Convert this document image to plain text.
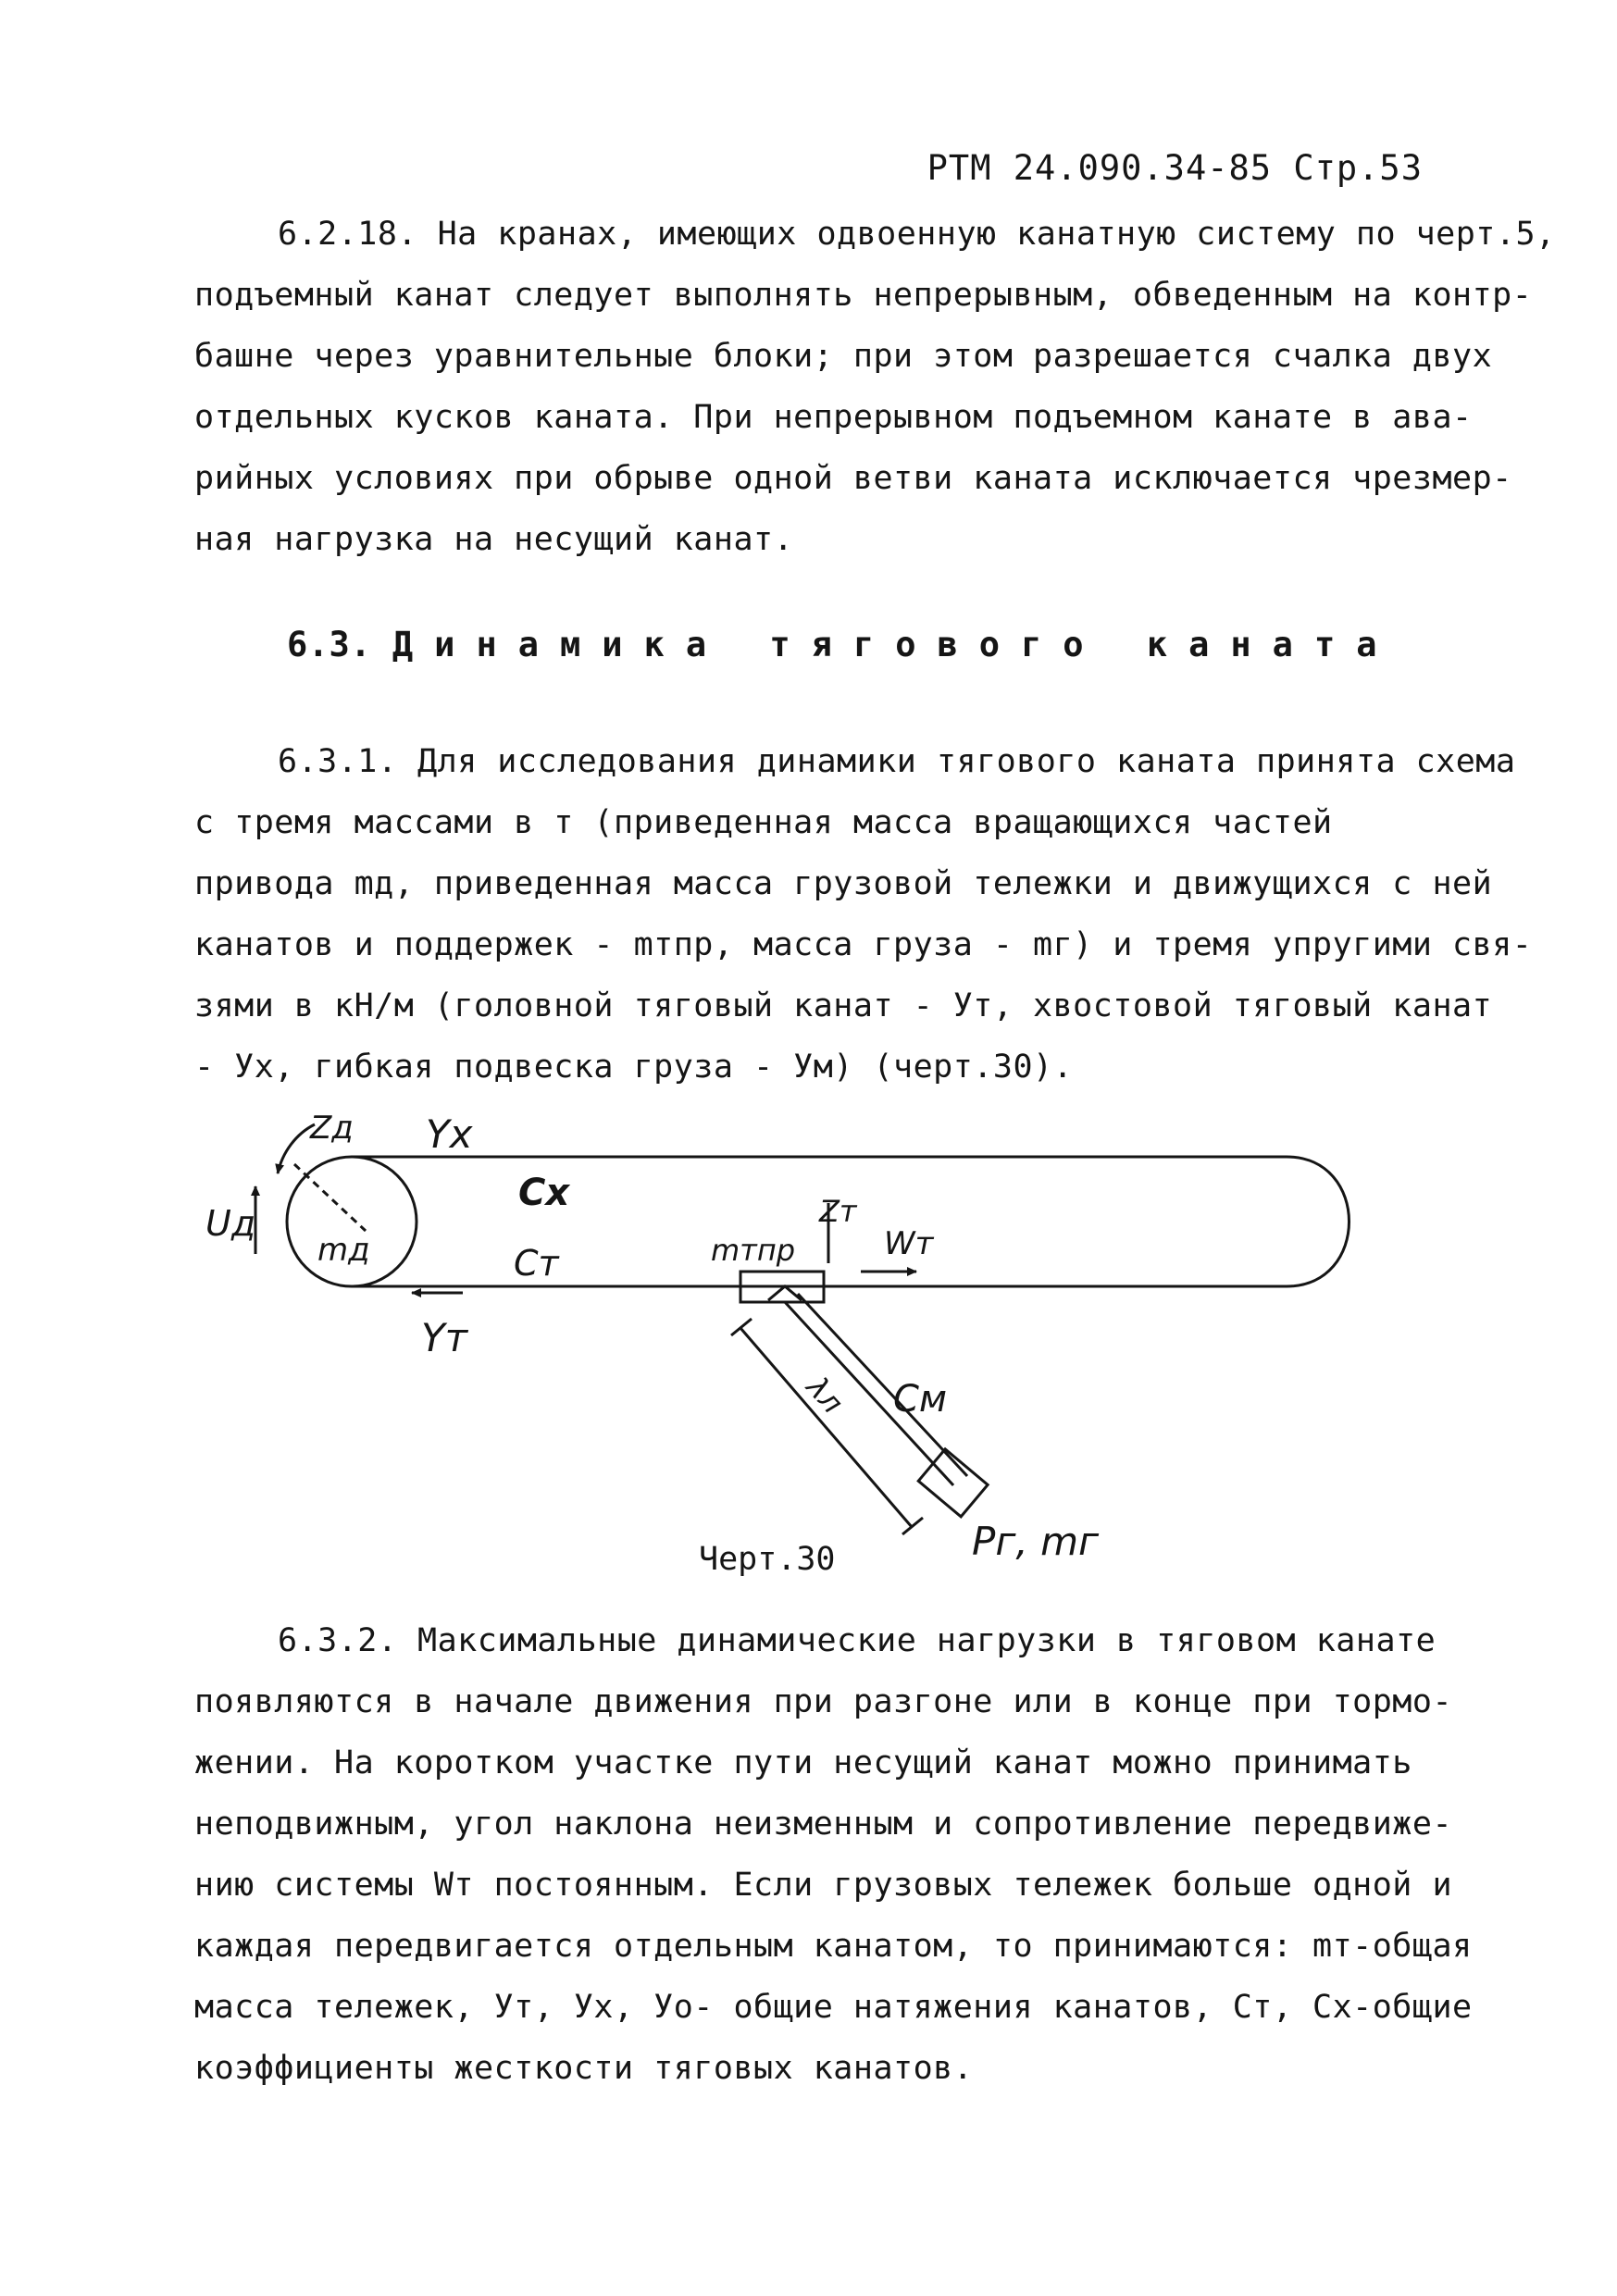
РТМ 24.090.34-85 Стр.53
6.2.18. На кранах, имеющих одвоенную канатную систему по черт.5,
подъемный канат следует выполнять непрерывным, обведенным на контр-
башне через уравнительные блоки; при этом разрешается счалка двух
отдельных кусков каната. При непрерывном подъемном канате в ава-
рийных условиях при обрыве одной ветви каната исключается чрезмер-
ная нагрузка на несущий канат.
6.3. Динамика тягового каната
6.3.1. Для исследования динамики тягового каната принята схема
с тремя массами в т (приведенная масса вращающихся частей
привода mд, приведенная масса грузовой тележки и движущихся с ней
канатов и поддержек - mтпр, масса груза - mг) и тремя упругими свя-
зями в кН/м (головной тяговый канат - Ут, хвостовой тяговый канат
- Ух, гибкая подвеска груза - Ум) (черт.30).
Zд Yх
Cх
Uд
mд	Cт
Yт
mтпр
Zт
Wт
λл Cм
Pг, mг
Черт.30
6.3.2. Максимальные динамические нагрузки в тяговом канате
появляются в начале движения при разгоне или в конце при тормо-
жении. На коротком участке пути несущий канат можно принимать
неподвижным, угол наклона неизменным и сопротивление передвиже-
нию системы Wт постоянным. Если грузовых тележек больше одной и
каждая передвигается отдельным канатом, то принимаются: mт-общая
масса тележек, Ут, Ух, Уо- общие натяжения канатов, Ст, Сх-общие
коэффициенты жесткости тяговых канатов.
